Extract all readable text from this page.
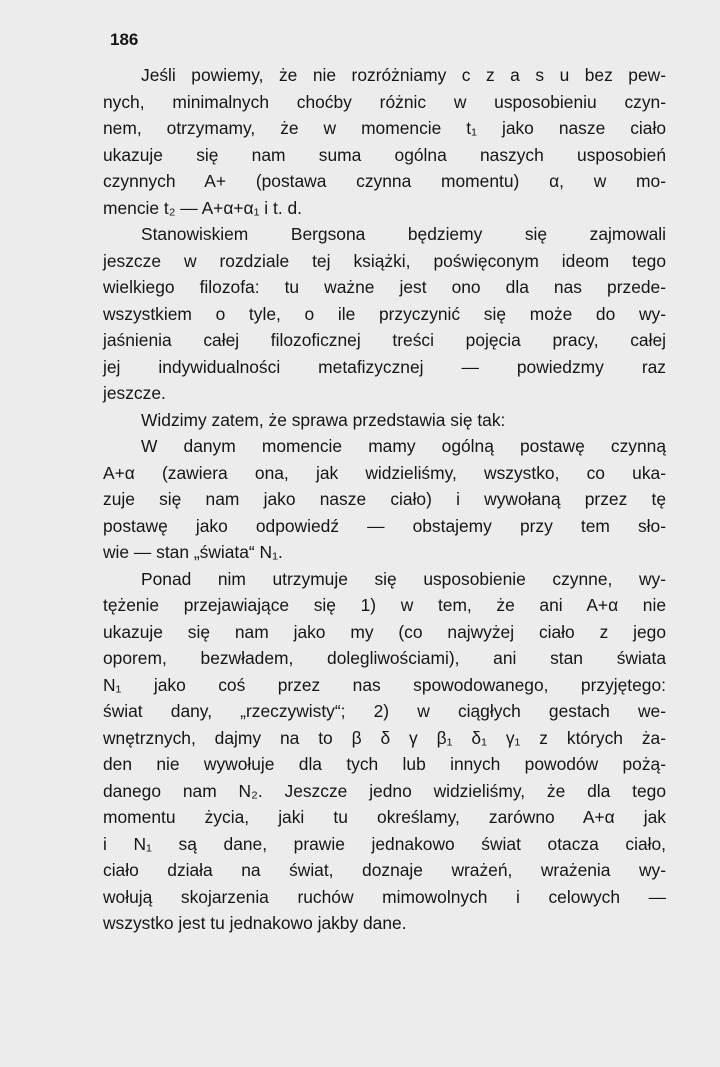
186
Jeśli powiemy, że nie rozróżniamy c z a s u bez pew-
nych, minimalnych choćby różnic w usposobieniu czyn-
nem, otrzymamy, że w momencie t₁ jako nasze ciało
ukazuje się nam suma ogólna naszych usposobień
czynnych A+ (postawa czynna momentu) α, w mo-
mencie t₂ — A+α+α₁ i t. d.
Stanowiskiem Bergsona będziemy się zajmowali
jeszcze w rozdziale tej książki, poświęconym ideom tego
wielkiego filozofa: tu ważne jest ono dla nas przede-
wszystkiem o tyle, o ile przyczynić się może do wy-
jaśnienia całej filozoficznej treści pojęcia pracy, całej
jej indywidualności metafizycznej — powiedzmy raz
jeszcze.
Widzimy zatem, że sprawa przedstawia się tak:
W danym momencie mamy ogólną postawę czynną
A+α (zawiera ona, jak widzieliśmy, wszystko, co uka-
zuje się nam jako nasze ciało) i wywołaną przez tę
postawę jako odpowiedź — obstajemy przy tem sło-
wie — stan „świata“ N₁.
Ponad nim utrzymuje się usposobienie czynne, wy-
tężenie przejawiające się 1) w tem, że ani A+α nie
ukazuje się nam jako my (co najwyżej ciało z jego
oporem, bezwładem, dolegliwościami), ani stan świata
N₁ jako coś przez nas spowodowanego, przyjętego:
świat dany, „rzeczywisty“; 2) w ciągłych gestach we-
wnętrznych, dajmy na to β δ γ β₁ δ₁ γ₁ z których ża-
den nie wywołuje dla tych lub innych powodów pożą-
danego nam N₂. Jeszcze jedno widzieliśmy, że dla tego
momentu życia, jaki tu określamy, zarówno A+α jak
i N₁ są dane, prawie jednakowo świat otacza ciało,
ciało działa na świat, doznaje wrażeń, wrażenia wy-
wołują skojarzenia ruchów mimowolnych i celowych —
wszystko jest tu jednakowo jakby dane.
